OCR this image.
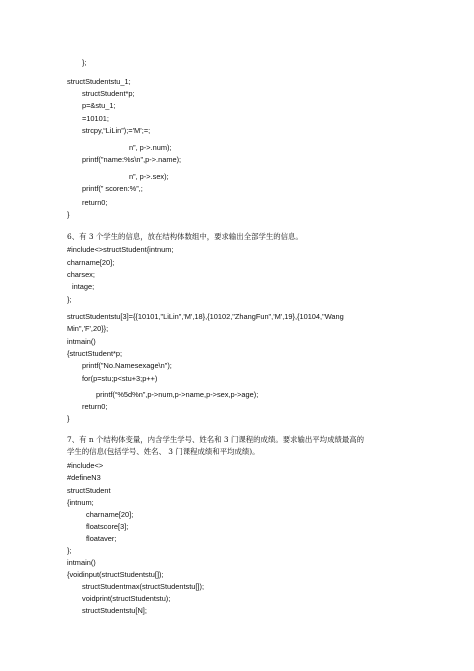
};
structStudentstu_1;
structStudent*p;
p=&stu_1;
=10101;
strcpy,“LiLin”);='M’;=;
n”, p->.num);
printf("name:%s\n",p->.name);
n”, p->.sex);
printf(” scoren:%”,;
return0;
}
6、有 3 个学生的信息，放在结构体数组中，要求输出全部学生的信息。
#include<>structStudent{intnum;
charname[20];
charsex;
intage;
};
structStudentstu[3]={{10101,"LiLin",'M',18},{10102,"ZhangFun",'M',19},{10104,"Wang
Min",'F',20}};
intmain()
{structStudent*p;
printf("No.Namesexage\n");
for(p=stu;p<stu+3;p++)
printf(“%5d%n”,p->num,p->name,p->sex,p->age);
return0;
}
7、有 n 个结构体变量，内含学生学号、姓名和 3 门课程的成绩。要求输出平均成绩最高的
学生的信息(包括学号、姓名、 3 门课程成绩和平均成绩)。
#include<>
#defineN3
structStudent
{intnum;
charname[20];
floatscore[3];
floataver;
};
intmain()
{voidinput(structStudentstu[]);
structStudentmax(structStudentstu[]);
voidprint(structStudentstu);
structStudentstu[N];
